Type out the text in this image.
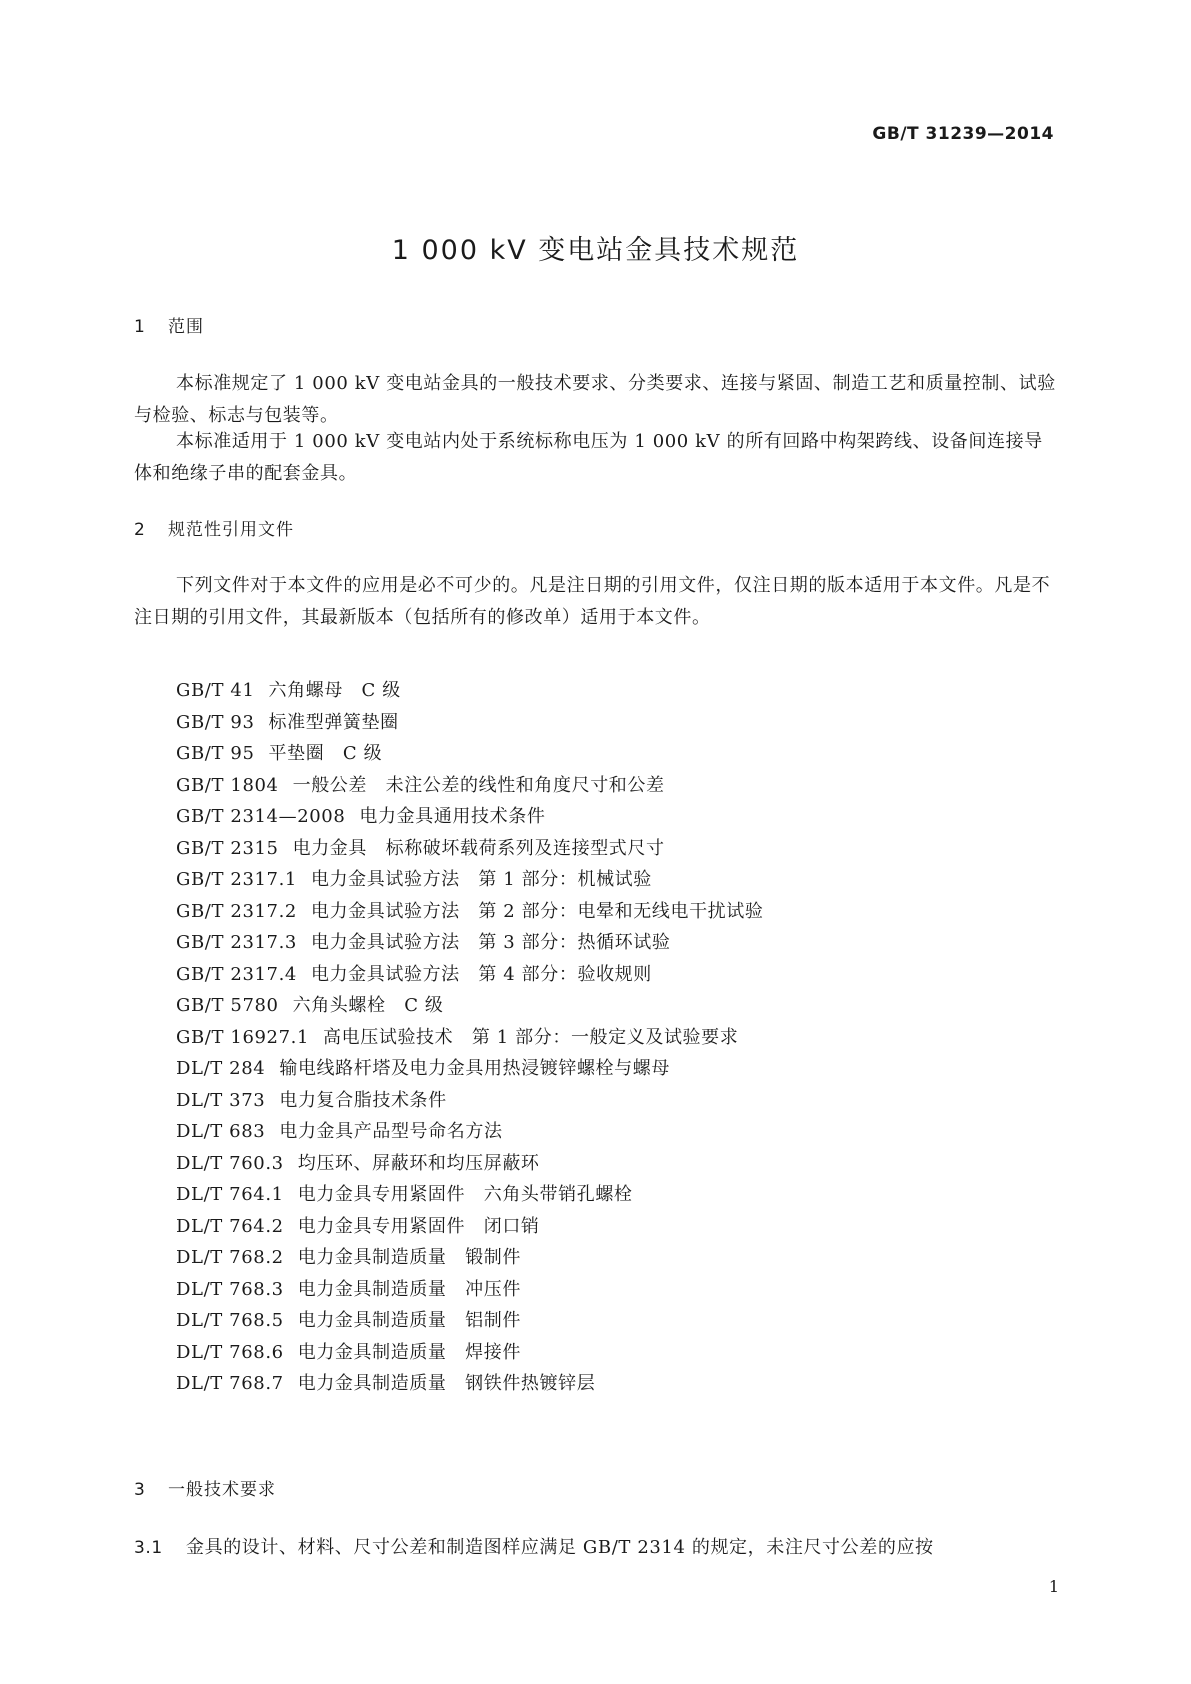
GB/T 31239—2014
1 000 kV 变电站金具技术规范
1 范围
本标准规定了 1 000 kV 变电站金具的一般技术要求、分类要求、连接与紧固、制造工艺和质量控制、试验与检验、标志与包装等。
本标准适用于 1 000 kV 变电站内处于系统标称电压为 1 000 kV 的所有回路中构架跨线、设备间连接导体和绝缘子串的配套金具。
2 规范性引用文件
下列文件对于本文件的应用是必不可少的。凡是注日期的引用文件，仅注日期的版本适用于本文件。凡是不注日期的引用文件，其最新版本（包括所有的修改单）适用于本文件。
GB/T 41 六角螺母　C 级
GB/T 93 标准型弹簧垫圈
GB/T 95 平垫圈　C 级
GB/T 1804 一般公差　未注公差的线性和角度尺寸和公差
GB/T 2314—2008 电力金具通用技术条件
GB/T 2315 电力金具　标称破坏载荷系列及连接型式尺寸
GB/T 2317.1 电力金具试验方法　第 1 部分：机械试验
GB/T 2317.2 电力金具试验方法　第 2 部分：电晕和无线电干扰试验
GB/T 2317.3 电力金具试验方法　第 3 部分：热循环试验
GB/T 2317.4 电力金具试验方法　第 4 部分：验收规则
GB/T 5780 六角头螺栓　C 级
GB/T 16927.1 高电压试验技术　第 1 部分：一般定义及试验要求
DL/T 284 输电线路杆塔及电力金具用热浸镀锌螺栓与螺母
DL/T 373 电力复合脂技术条件
DL/T 683 电力金具产品型号命名方法
DL/T 760.3 均压环、屏蔽环和均压屏蔽环
DL/T 764.1 电力金具专用紧固件　六角头带销孔螺栓
DL/T 764.2 电力金具专用紧固件　闭口销
DL/T 768.2 电力金具制造质量　锻制件
DL/T 768.3 电力金具制造质量　冲压件
DL/T 768.5 电力金具制造质量　铝制件
DL/T 768.6 电力金具制造质量　焊接件
DL/T 768.7 电力金具制造质量　钢铁件热镀锌层
3 一般技术要求
3.1 金具的设计、材料、尺寸公差和制造图样应满足 GB/T 2314 的规定，未注尺寸公差的应按
1
